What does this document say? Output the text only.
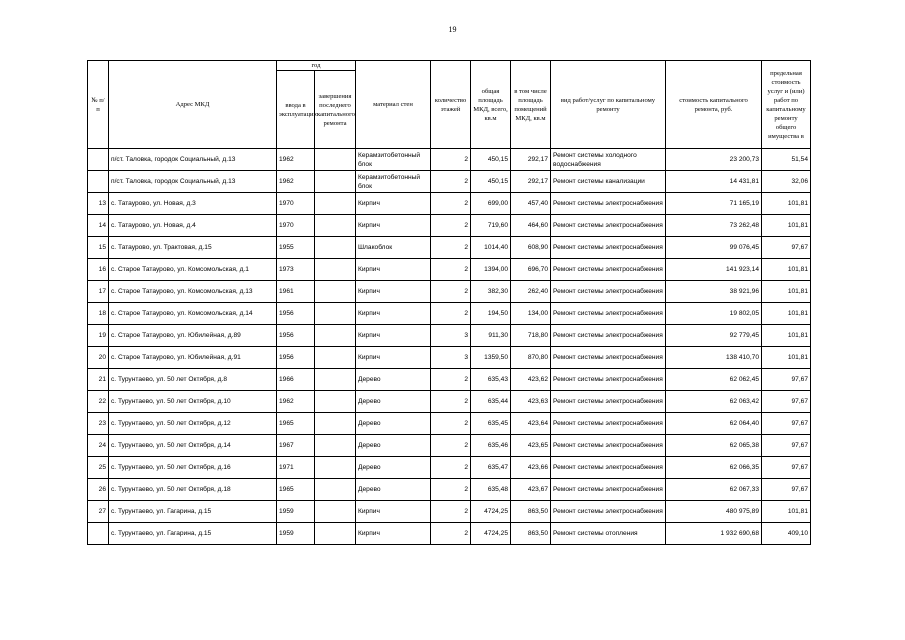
19
№ п/п	Адрес МКД	год		материал стен	количество этажей	общая площадь МКД, всего, кв.м	в том числе площадь помещений МКД, кв.м	вид работ/услуг по капитальному ремонту	стоимость капитального ремонта, руб.	предельная стоимость услуг и (или) работ по капитальному ремонту общего имущества в
		ввода в эксплуатацию	завершения последнего капитального ремонта							
	п/ст. Таловка, городок Социальный, д.13	1962		Керамзитобетонный блок	2	450,15	292,17	Ремонт системы холодного водоснабжения	23 200,73	51,54
	п/ст. Таловка, городок Социальный, д.13	1962		Керамзитобетонный блок	2	450,15	292,17	Ремонт системы канализации	14 431,81	32,06
13	с. Татаурово, ул. Новая, д.3	1970		Кирпич	2	699,00	457,40	Ремонт системы электроснабжения	71 165,19	101,81
14	с. Татаурово, ул. Новая, д.4	1970		Кирпич	2	719,60	464,60	Ремонт системы электроснабжения	73 262,48	101,81
15	с. Татаурово, ул. Трактовая, д.15	1955		Шлакоблок	2	1014,40	608,90	Ремонт системы электроснабжения	99 076,45	97,67
16	с. Старое Татаурово, ул. Комсомольская, д.1	1973		Кирпич	2	1394,00	696,70	Ремонт системы электроснабжения	141 923,14	101,81
17	с. Старое Татаурово, ул. Комсомольская, д.13	1961		Кирпич	2	382,30	262,40	Ремонт системы электроснабжения	38 921,96	101,81
18	с. Старое Татаурово, ул. Комсомольская, д.14	1956		Кирпич	2	194,50	134,00	Ремонт системы электроснабжения	19 802,05	101,81
19	с. Старое Татаурово, ул. Юбилейная, д.89	1956		Кирпич	3	911,30	718,80	Ремонт системы электроснабжения	92 779,45	101,81
20	с. Старое Татаурово, ул. Юбилейная, д.91	1956		Кирпич	3	1359,50	870,80	Ремонт системы электроснабжения	138 410,70	101,81
21	с. Турунтаево, ул. 50 лет Октября, д.8	1966		Дерево	2	635,43	423,62	Ремонт системы электроснабжения	62 062,45	97,67
22	с. Турунтаево, ул. 50 лет Октября, д.10	1962		Дерево	2	635,44	423,63	Ремонт системы электроснабжения	62 063,42	97,67
23	с. Турунтаево, ул. 50 лет Октября, д.12	1965		Дерево	2	635,45	423,64	Ремонт системы электроснабжения	62 064,40	97,67
24	с. Турунтаево, ул. 50 лет Октября, д.14	1967		Дерево	2	635,46	423,65	Ремонт системы электроснабжения	62 065,38	97,67
25	с. Турунтаево, ул. 50 лет Октября, д.16	1971		Дерево	2	635,47	423,66	Ремонт системы электроснабжения	62 066,35	97,67
26	с. Турунтаево, ул. 50 лет Октября, д.18	1965		Дерево	2	635,48	423,67	Ремонт системы электроснабжения	62 067,33	97,67
27	с. Турунтаево, ул. Гагарина, д.15	1959		Кирпич	2	4724,25	863,50	Ремонт системы электроснабжения	480 975,89	101,81
	с. Турунтаево, ул. Гагарина, д.15	1959		Кирпич	2	4724,25	863,50	Ремонт системы отопления	1 932 690,68	409,10
